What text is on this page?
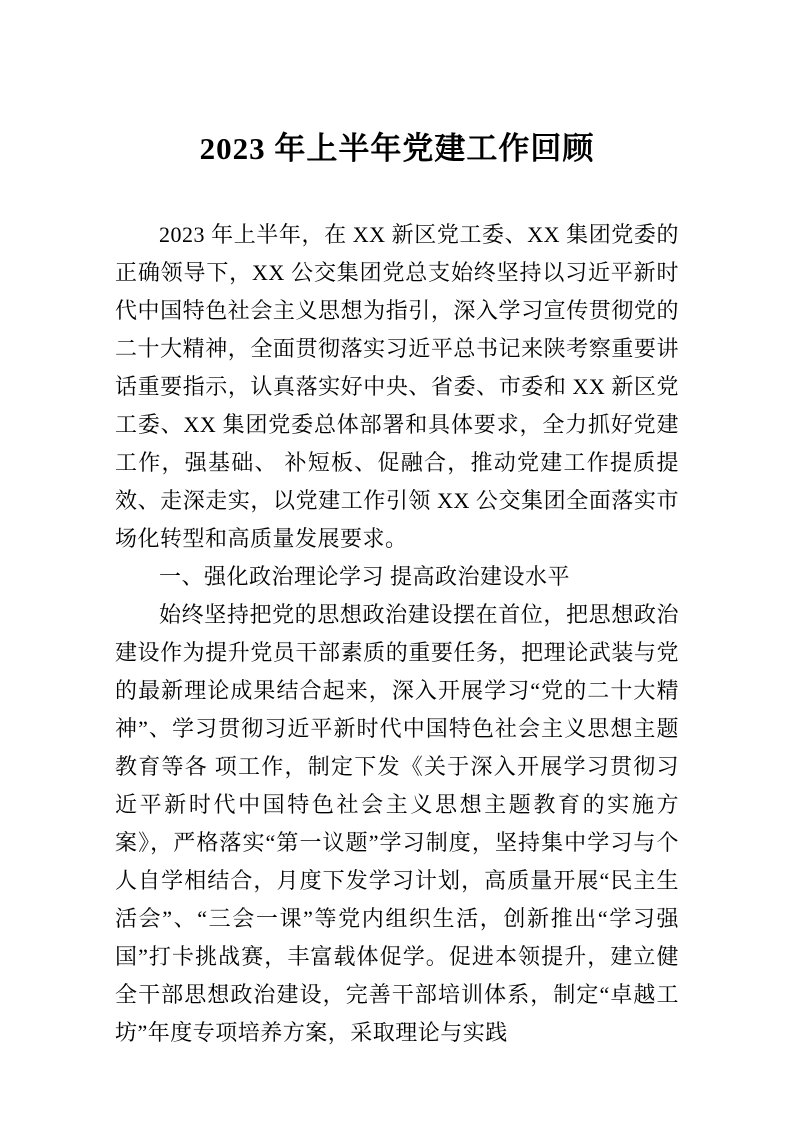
2023 年上半年党建工作回顾

2023 年上半年，在 XX 新区党工委、XX 集团党委的正确领导下，XX 公交集团党总支始终坚持以习近平新时代中国特色社会主义思想为指引，深入学习宣传贯彻党的二十大精神，全面贯彻落实习近平总书记来陕考察重要讲话重要指示，认真落实好中央、省委、市委和 XX 新区党工委、XX 集团党委总体部署和具体要求，全力抓好党建工作，强基础、 补短板、促融合，推动党建工作提质提效、走深走实，以党建工作引领 XX 公交集团全面落实市场化转型和高质量发展要求。

一、强化政治理论学习 提高政治建设水平

始终坚持把党的思想政治建设摆在首位，把思想政治建设作为提升党员干部素质的重要任务，把理论武装与党的最新理论成果结合起来，深入开展学习“党的二十大精神”、学习贯彻习近平新时代中国特色社会主义思想主题教育等各 项工作，制定下发《关于深入开展学习贯彻习近平新时代中国特色社会主义思想主题教育的实施方案》，严格落实“第一议题”学习制度，坚持集中学习与个人自学相结合，月度下发学习计划，高质量开展“民主生活会”、“三会一课”等党内组织生活，创新推出“学习强国”打卡挑战赛，丰富载体促学。促进本领提升，建立健全干部思想政治建设，完善干部培训体系，制定“卓越工坊”年度专项培养方案，采取理论与实践
